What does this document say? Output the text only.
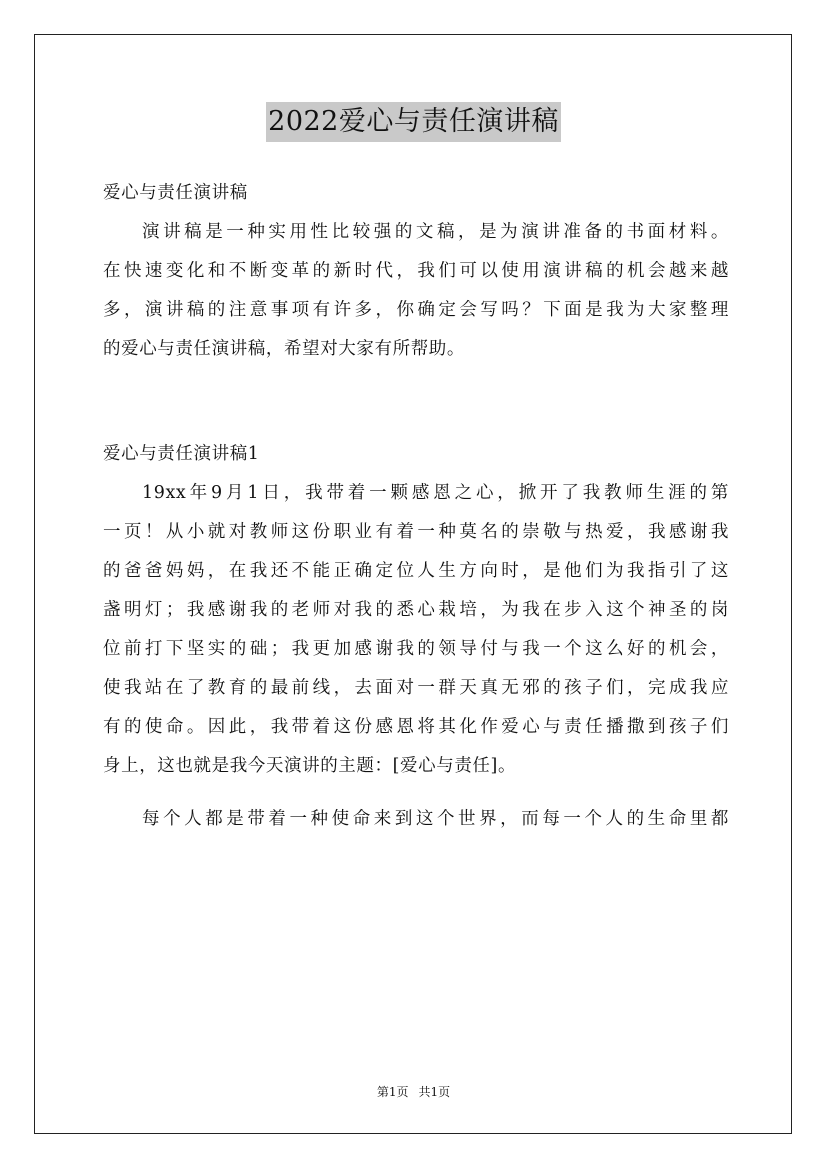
2022爱心与责任演讲稿
爱心与责任演讲稿
演讲稿是一种实用性比较强的文稿，是为演讲准备的书面材料。
在快速变化和不断变革的新时代，我们可以使用演讲稿的机会越来越
多，演讲稿的注意事项有许多，你确定会写吗？下面是我为大家整理
的爱心与责任演讲稿，希望对大家有所帮助。
爱心与责任演讲稿1
19xx年9月1日，我带着一颗感恩之心，掀开了我教师生涯的第
一页！从小就对教师这份职业有着一种莫名的崇敬与热爱，我感谢我
的爸爸妈妈，在我还不能正确定位人生方向时，是他们为我指引了这
盏明灯；我感谢我的老师对我的悉心栽培，为我在步入这个神圣的岗
位前打下坚实的础；我更加感谢我的领导付与我一个这么好的机会，
使我站在了教育的最前线，去面对一群天真无邪的孩子们，完成我应
有的使命。因此，我带着这份感恩将其化作爱心与责任播撒到孩子们
身上，这也就是我今天演讲的主题：[爱心与责任]。
每个人都是带着一种使命来到这个世界，而每一个人的生命里都
第1页 共1页
